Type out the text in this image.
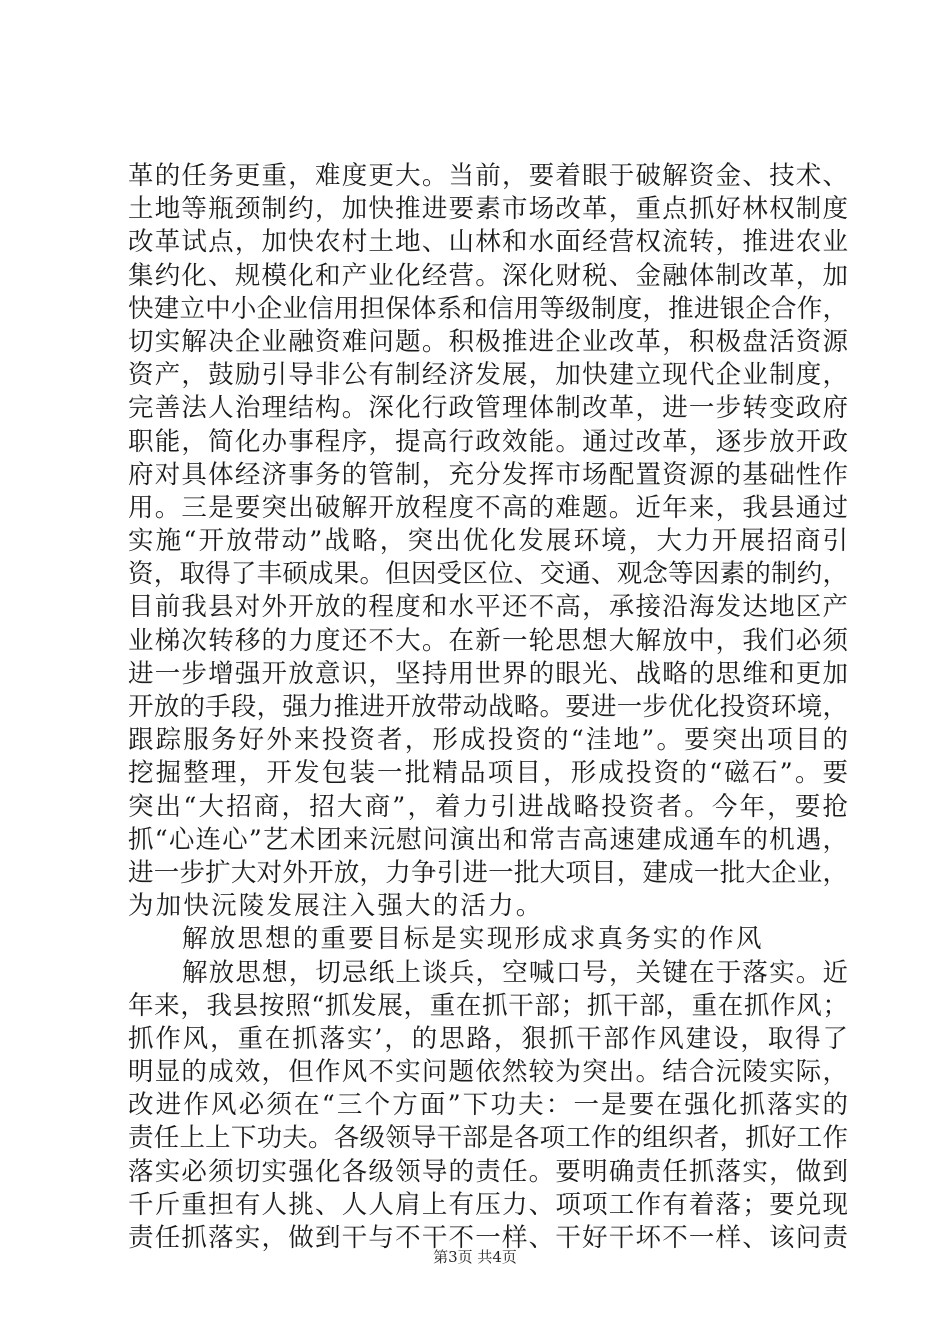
革的任务更重，难度更大。当前，要着眼于破解资金、技术、
土地等瓶颈制约，加快推进要素市场改革，重点抓好林权制度
改革试点，加快农村土地、山林和水面经营权流转，推进农业
集约化、规模化和产业化经营。深化财税、金融体制改革，加
快建立中小企业信用担保体系和信用等级制度，推进银企合作，
切实解决企业融资难问题。积极推进企业改革，积极盘活资源
资产，鼓励引导非公有制经济发展，加快建立现代企业制度，
完善法人治理结构。深化行政管理体制改革，进一步转变政府
职能，简化办事程序，提高行政效能。通过改革，逐步放开政
府对具体经济事务的管制，充分发挥市场配置资源的基础性作
用。三是要突出破解开放程度不高的难题。近年来，我县通过
实施“开放带动”战略，突出优化发展环境，大力开展招商引
资，取得了丰硕成果。但因受区位、交通、观念等因素的制约，
目前我县对外开放的程度和水平还不高，承接沿海发达地区产
业梯次转移的力度还不大。在新一轮思想大解放中，我们必须
进一步增强开放意识，坚持用世界的眼光、战略的思维和更加
开放的手段，强力推进开放带动战略。要进一步优化投资环境，
跟踪服务好外来投资者，形成投资的“洼地”。要突出项目的
挖掘整理，开发包装一批精品项目，形成投资的“磁石”。要
突出“大招商，招大商”，着力引进战略投资者。今年，要抢
抓“心连心”艺术团来沅慰问演出和常吉高速建成通车的机遇，
进一步扩大对外开放，力争引进一批大项目，建成一批大企业，
为加快沅陵发展注入强大的活力。
解放思想的重要目标是实现形成求真务实的作风
解放思想，切忌纸上谈兵，空喊口号，关键在于落实。近
年来，我县按照“抓发展，重在抓干部；抓干部，重在抓作风；
抓作风，重在抓落实’，的思路，狠抓干部作风建设，取得了
明显的成效，但作风不实问题依然较为突出。结合沅陵实际，
改进作风必须在“三个方面”下功夫：一是要在强化抓落实的
责任上上下功夫。各级领导干部是各项工作的组织者，抓好工作
落实必须切实强化各级领导的责任。要明确责任抓落实，做到
千斤重担有人挑、人人肩上有压力、项项工作有着落；要兑现
责任抓落实，做到干与不干不一样、干好干坏不一样、该问责
第3页 共4页
